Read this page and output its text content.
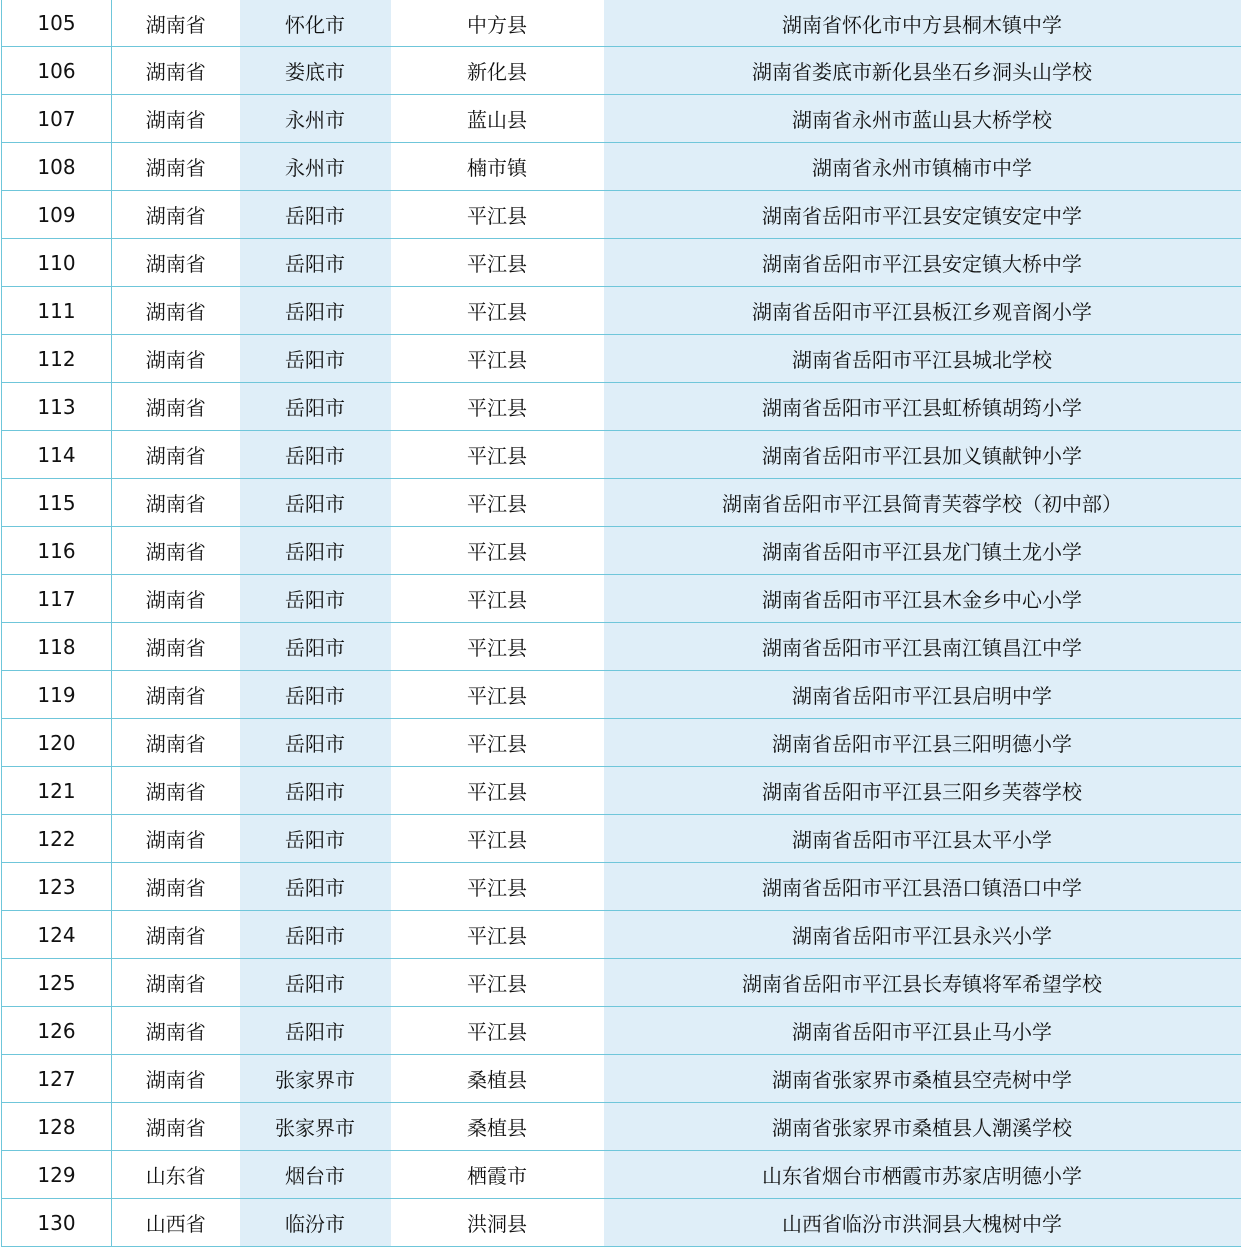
105	湖南省	怀化市	中方县	湖南省怀化市中方县桐木镇中学
106	湖南省	娄底市	新化县	湖南省娄底市新化县坐石乡洞头山学校
107	湖南省	永州市	蓝山县	湖南省永州市蓝山县大桥学校
108	湖南省	永州市	楠市镇	湖南省永州市镇楠市中学
109	湖南省	岳阳市	平江县	湖南省岳阳市平江县安定镇安定中学
110	湖南省	岳阳市	平江县	湖南省岳阳市平江县安定镇大桥中学
111	湖南省	岳阳市	平江县	湖南省岳阳市平江县板江乡观音阁小学
112	湖南省	岳阳市	平江县	湖南省岳阳市平江县城北学校
113	湖南省	岳阳市	平江县	湖南省岳阳市平江县虹桥镇胡筠小学
114	湖南省	岳阳市	平江县	湖南省岳阳市平江县加义镇献钟小学
115	湖南省	岳阳市	平江县	湖南省岳阳市平江县简青芙蓉学校（初中部）
116	湖南省	岳阳市	平江县	湖南省岳阳市平江县龙门镇土龙小学
117	湖南省	岳阳市	平江县	湖南省岳阳市平江县木金乡中心小学
118	湖南省	岳阳市	平江县	湖南省岳阳市平江县南江镇昌江中学
119	湖南省	岳阳市	平江县	湖南省岳阳市平江县启明中学
120	湖南省	岳阳市	平江县	湖南省岳阳市平江县三阳明德小学
121	湖南省	岳阳市	平江县	湖南省岳阳市平江县三阳乡芙蓉学校
122	湖南省	岳阳市	平江县	湖南省岳阳市平江县太平小学
123	湖南省	岳阳市	平江县	湖南省岳阳市平江县浯口镇浯口中学
124	湖南省	岳阳市	平江县	湖南省岳阳市平江县永兴小学
125	湖南省	岳阳市	平江县	湖南省岳阳市平江县长寿镇将军希望学校
126	湖南省	岳阳市	平江县	湖南省岳阳市平江县止马小学
127	湖南省	张家界市	桑植县	湖南省张家界市桑植县空壳树中学
128	湖南省	张家界市	桑植县	湖南省张家界市桑植县人潮溪学校
129	山东省	烟台市	栖霞市	山东省烟台市栖霞市苏家店明德小学
130	山西省	临汾市	洪洞县	山西省临汾市洪洞县大槐树中学
